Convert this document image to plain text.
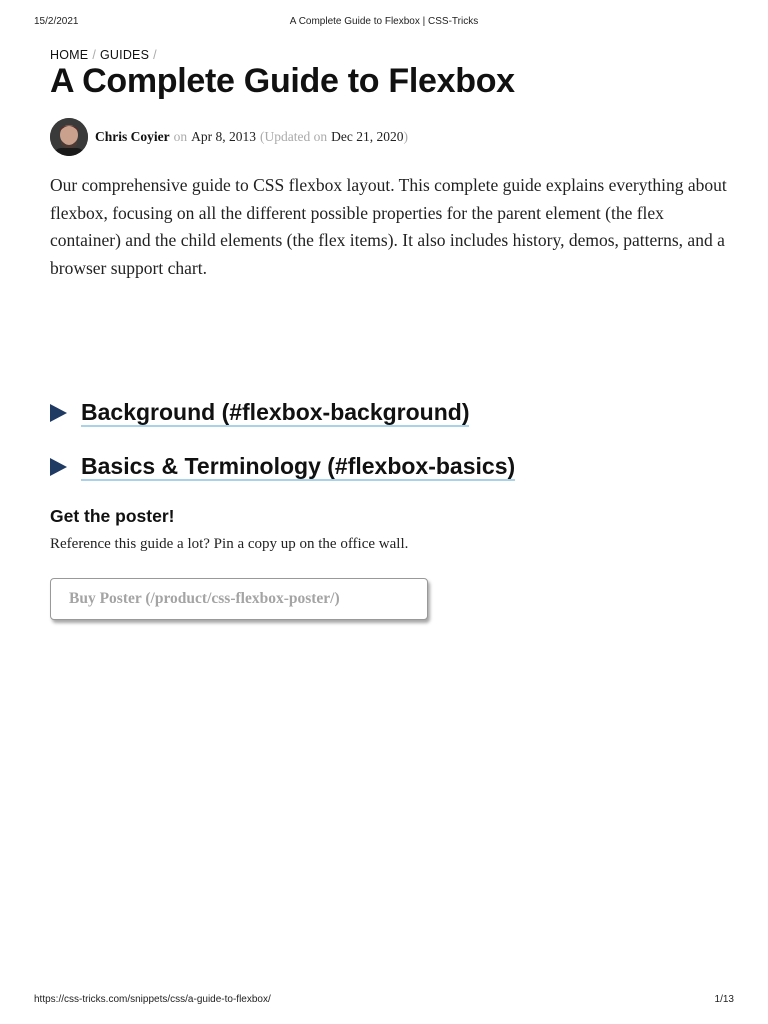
15/2/2021	A Complete Guide to Flexbox | CSS-Tricks
HOME / GUIDES /
A Complete Guide to Flexbox
Chris Coyier on Apr 8, 2013 (Updated on Dec 21, 2020 )

Our comprehensive guide to CSS flexbox layout. This complete guide explains everything about flexbox, focusing on all the different possible properties for the parent element (the flex container) and the child elements (the flex items). It also includes history, demos, patterns, and a browser support chart.

Background (#flexbox-background)
Basics & Terminology (#flexbox-basics)
Get the poster!

Reference this guide a lot? Pin a copy up on the office wall.

Buy Poster (/product/css-flexbox-poster/)
https://css-tricks.com/snippets/css/a-guide-to-flexbox/	1/13
